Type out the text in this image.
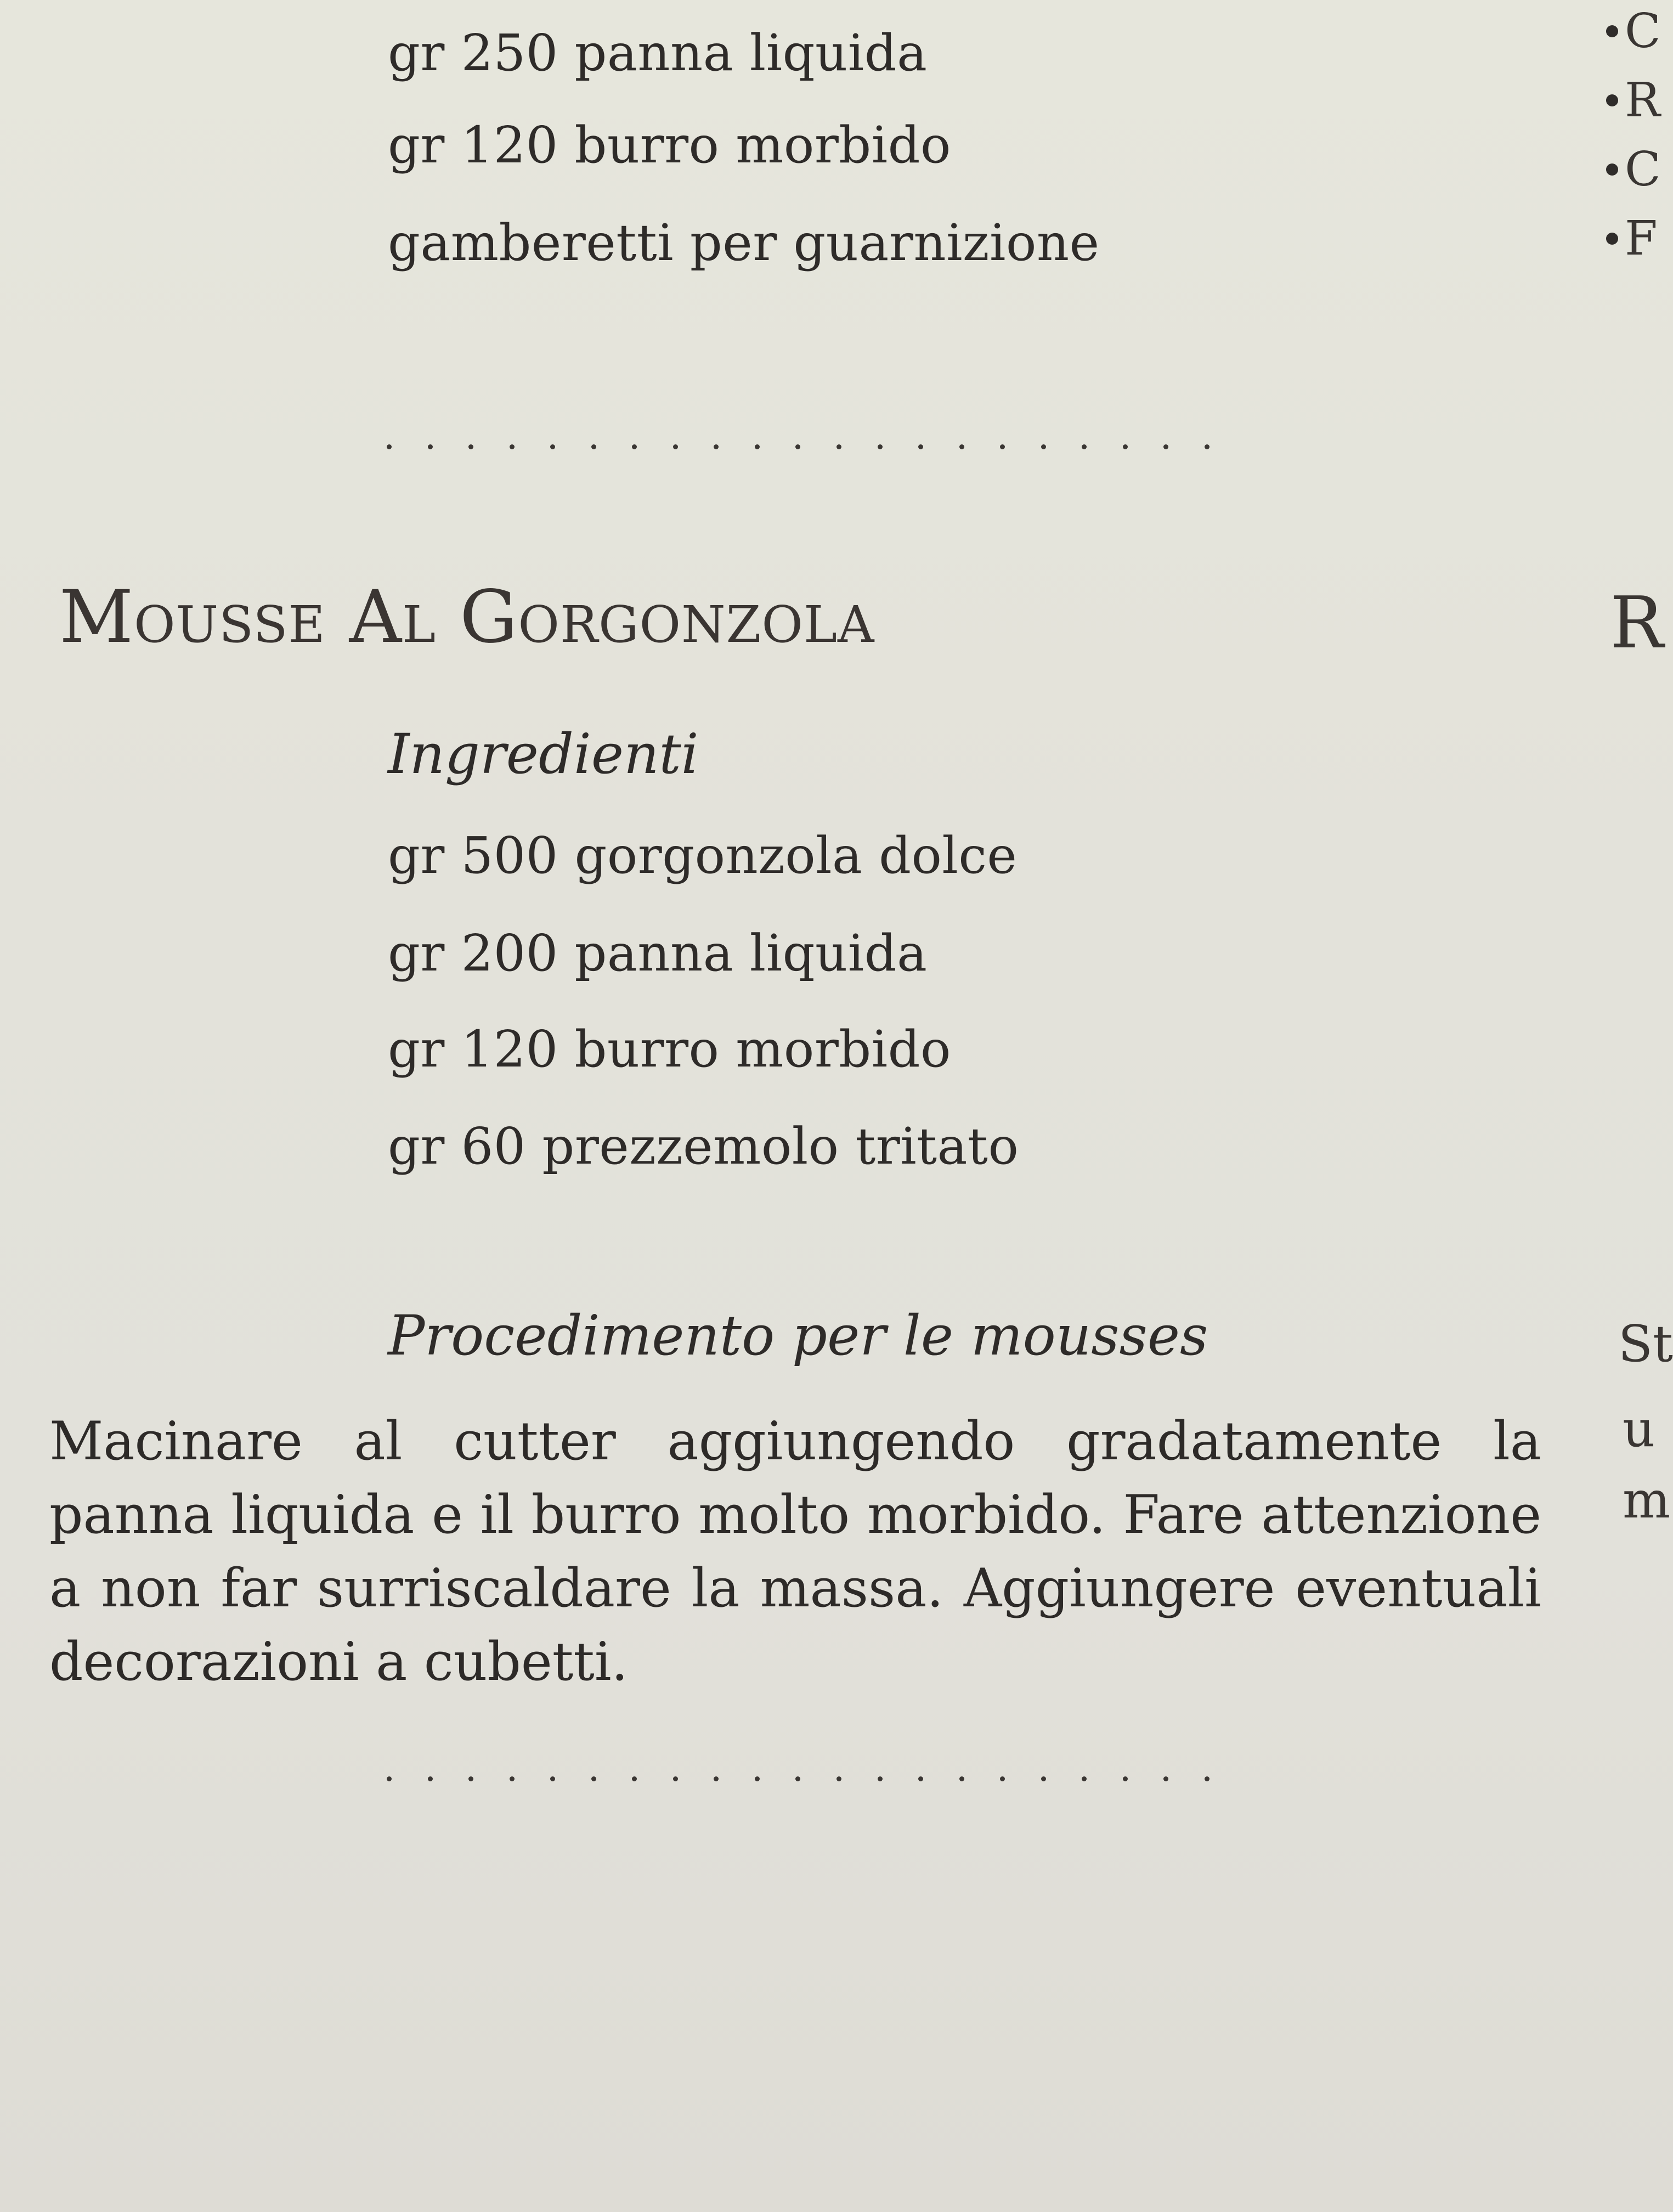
gr 250 panna liquida
gr 120 burro morbido
gamberetti per guarnizione
Mousse Al Gorgonzola
Ingredienti
gr 500 gorgonzola dolce
gr 200 panna liquida
gr 120 burro morbido
gr 60 prezzemolo tritato
Procedimento per le mousses

Macinare al cutter aggiungendo gradatamente la panna liquida e il burro molto morbido. Fare attenzione a non far surriscaldare la massa. Aggiungere eventuali decorazioni a cubetti.

C
R
C
F
R
St
u
m
